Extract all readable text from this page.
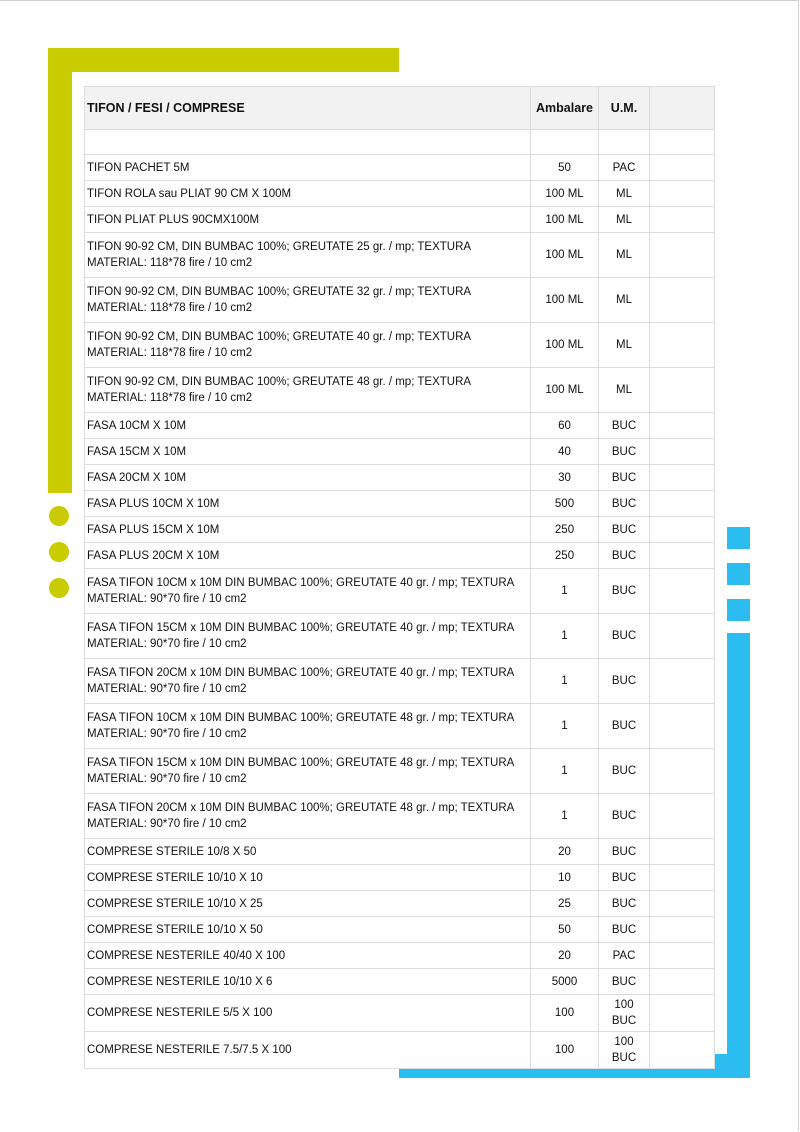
TIFON / FESI / COMPRESE	Ambalare	U.M.	

TIFON PACHET 5M	50	PAC	
TIFON ROLA sau PLIAT 90 CM X 100M	100 ML	ML	
TIFON PLIAT PLUS 90CMX100M	100 ML	ML	
TIFON 90-92 CM, DIN BUMBAC 100%; GREUTATE 25 gr. / mp; TEXTURA MATERIAL: 118*78 fire / 10 cm2	100 ML	ML	
TIFON 90-92 CM, DIN BUMBAC 100%; GREUTATE 32 gr. / mp; TEXTURA MATERIAL: 118*78 fire / 10 cm2	100 ML	ML	
TIFON 90-92 CM, DIN BUMBAC 100%; GREUTATE 40 gr. / mp; TEXTURA MATERIAL: 118*78 fire / 10 cm2	100 ML	ML	
TIFON 90-92 CM, DIN BUMBAC 100%; GREUTATE 48 gr. / mp; TEXTURA MATERIAL: 118*78 fire / 10 cm2	100 ML	ML	
FASA 10CM X 10M	60	BUC	
FASA 15CM X 10M	40	BUC	
FASA 20CM X 10M	30	BUC	
FASA PLUS 10CM X 10M	500	BUC	
FASA PLUS 15CM X 10M	250	BUC	
FASA PLUS 20CM X 10M	250	BUC	
FASA TIFON 10CM x 10M DIN BUMBAC 100%; GREUTATE 40 gr. / mp; TEXTURA MATERIAL: 90*70 fire / 10 cm2	1	BUC	
FASA TIFON 15CM x 10M DIN BUMBAC 100%; GREUTATE 40 gr. / mp; TEXTURA MATERIAL: 90*70 fire / 10 cm2	1	BUC	
FASA TIFON 20CM x 10M DIN BUMBAC 100%; GREUTATE 40 gr. / mp; TEXTURA MATERIAL: 90*70 fire / 10 cm2	1	BUC	
FASA TIFON 10CM x 10M DIN BUMBAC 100%; GREUTATE 48 gr. / mp; TEXTURA MATERIAL: 90*70 fire / 10 cm2	1	BUC	
FASA TIFON 15CM x 10M DIN BUMBAC 100%; GREUTATE 48 gr. / mp; TEXTURA MATERIAL: 90*70 fire / 10 cm2	1	BUC	
FASA TIFON 20CM x 10M DIN BUMBAC 100%; GREUTATE 48 gr. / mp; TEXTURA MATERIAL: 90*70 fire / 10 cm2	1	BUC	
COMPRESE STERILE 10/8 X 50	20	BUC	
COMPRESE STERILE 10/10 X 10	10	BUC	
COMPRESE STERILE 10/10 X 25	25	BUC	
COMPRESE STERILE 10/10 X 50	50	BUC	
COMPRESE NESTERILE 40/40 X 100	20	PAC	
COMPRESE NESTERILE 10/10 X 6	5000	BUC	
COMPRESE NESTERILE 5/5 X 100	100	100 BUC	
COMPRESE NESTERILE 7.5/7.5 X 100	100	100 BUC	
